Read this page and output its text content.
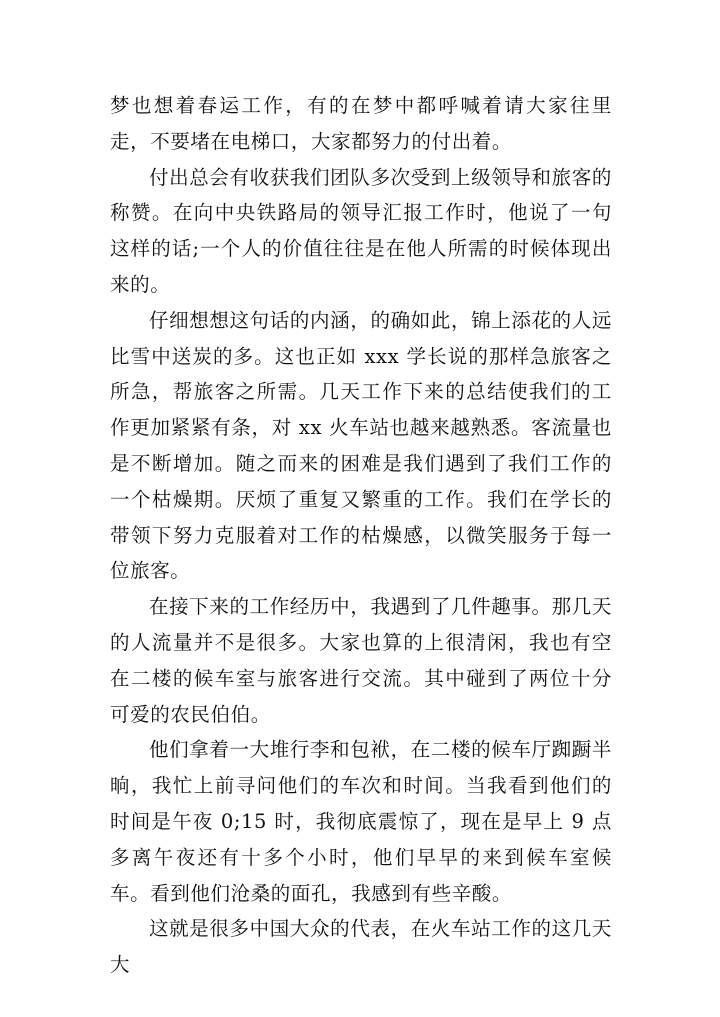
梦也想着春运工作，有的在梦中都呼喊着请大家往里走，不要堵在电梯口，大家都努力的付出着。

付出总会有收获我们团队多次受到上级领导和旅客的称赞。在向中央铁路局的领导汇报工作时，他说了一句这样的话;一个人的价值往往是在他人所需的时候体现出来的。

仔细想想这句话的内涵，的确如此，锦上添花的人远比雪中送炭的多。这也正如 xxx 学长说的那样急旅客之所急，帮旅客之所需。几天工作下来的总结使我们的工作更加紧紧有条，对 xx 火车站也越来越熟悉。客流量也是不断增加。随之而来的困难是我们遇到了我们工作的一个枯燥期。厌烦了重复又繁重的工作。我们在学长的带领下努力克服着对工作的枯燥感，以微笑服务于每一位旅客。

在接下来的工作经历中，我遇到了几件趣事。那几天的人流量并不是很多。大家也算的上很清闲，我也有空在二楼的候车室与旅客进行交流。其中碰到了两位十分可爱的农民伯伯。

他们拿着一大堆行李和包袱，在二楼的候车厅踟蹰半晌，我忙上前寻问他们的车次和时间。当我看到他们的时间是午夜 0;15 时，我彻底震惊了，现在是早上 9 点多离午夜还有十多个小时，他们早早的来到候车室候车。看到他们沧桑的面孔，我感到有些辛酸。

这就是很多中国大众的代表，在火车站工作的这几天大
